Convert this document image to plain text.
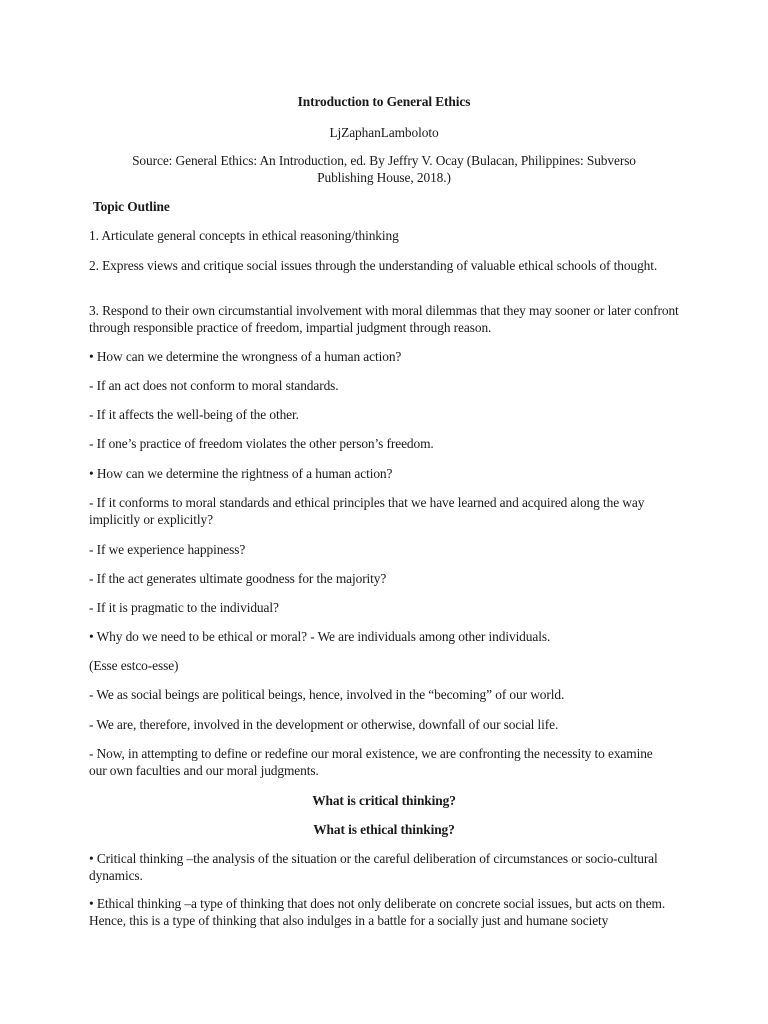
Introduction to General Ethics
LjZaphanLamboloto
Source: General Ethics: An Introduction, ed. By Jeffry V. Ocay (Bulacan, Philippines: Subverso
Publishing House, 2018.)
Topic Outline
1. Articulate general concepts in ethical reasoning/thinking
2. Express views and critique social issues through the understanding of valuable ethical schools of thought.
3. Respond to their own circumstantial involvement with moral dilemmas that they may sooner or later confront through responsible practice of freedom, impartial judgment through reason.
• How can we determine the wrongness of a human action?
- If an act does not conform to moral standards.
- If it affects the well-being of the other.
- If one’s practice of freedom violates the other person’s freedom.
• How can we determine the rightness of a human action?
- If it conforms to moral standards and ethical principles that we have learned and acquired along the way implicitly or explicitly?
- If we experience happiness?
- If the act generates ultimate goodness for the majority?
- If it is pragmatic to the individual?
• Why do we need to be ethical or moral? - We are individuals among other individuals.
(Esse estco-esse)
- We as social beings are political beings, hence, involved in the “becoming” of our world.
- We are, therefore, involved in the development or otherwise, downfall of our social life.
- Now, in attempting to define or redefine our moral existence, we are confronting the necessity to examine our own faculties and our moral judgments.
What is critical thinking?
What is ethical thinking?
• Critical thinking –the analysis of the situation or the careful deliberation of circumstances or socio-cultural dynamics.
• Ethical thinking –a type of thinking that does not only deliberate on concrete social issues, but acts on them. Hence, this is a type of thinking that also indulges in a battle for a socially just and humane society
